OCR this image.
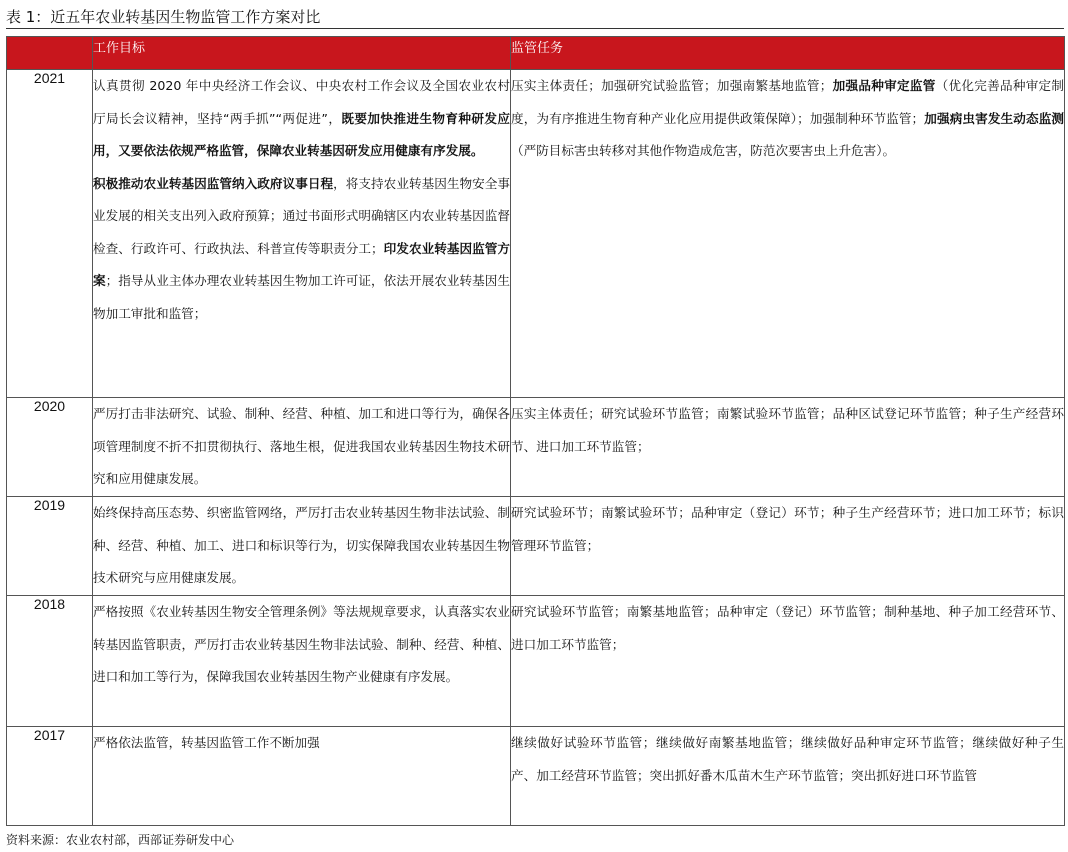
表 1：近五年农业转基因生物监管工作方案对比
	工作目标	监管任务
2021	认真贯彻 2020 年中央经济工作会议、中央农村工作会议及全国农业农村厅局长会议精神，坚持“两手抓”“两促进”，既要加快推进生物育种研发应用，又要依法依规严格监管，保障农业转基因研发应用健康有序发展。

积极推动农业转基因监管纳入政府议事日程，将支持农业转基因生物安全事业发展的相关支出列入政府预算；通过书面形式明确辖区内农业转基因监督检查、行政许可、行政执法、科普宣传等职责分工；印发农业转基因监管方案；指导从业主体办理农业转基因生物加工许可证，依法开展农业转基因生物加工审批和监管；	压实主体责任；加强研究试验监管；加强南繁基地监管；加强品种审定监管（优化完善品种审定制度，为有序推进生物育种产业化应用提供政策保障）；加强制种环节监管；加强病虫害发生动态监测（严防目标害虫转移对其他作物造成危害，防范次要害虫上升危害）。

2020	严厉打击非法研究、试验、制种、经营、种植、加工和进口等行为，确保各项管理制度不折不扣贯彻执行、落地生根，促进我国农业转基因生物技术研究和应用健康发展。	压实主体责任；研究试验环节监管；南繁试验环节监管；品种区试登记环节监管；种子生产经营环节、进口加工环节监管；

2019	始终保持高压态势、织密监管网络，严厉打击农业转基因生物非法试验、制种、经营、种植、加工、进口和标识等行为，切实保障我国农业转基因生物技术研究与应用健康发展。	研究试验环节；南繁试验环节；品种审定（登记）环节；种子生产经营环节；进口加工环节；标识管理环节监管；

2018	严格按照《农业转基因生物安全管理条例》等法规规章要求，认真落实农业转基因监管职责，严厉打击农业转基因生物非法试验、制种、经营、种植、进口和加工等行为，保障我国农业转基因生物产业健康有序发展。	研究试验环节监管；南繁基地监管；品种审定（登记）环节监管；制种基地、种子加工经营环节、进口加工环节监管；

2017	严格依法监管，转基因监管工作不断加强	继续做好试验环节监管；继续做好南繁基地监管；继续做好品种审定环节监管；继续做好种子生产、加工经营环节监管；突出抓好番木瓜苗木生产环节监管；突出抓好进口环节监管

资料来源：农业农村部，西部证券研发中心
